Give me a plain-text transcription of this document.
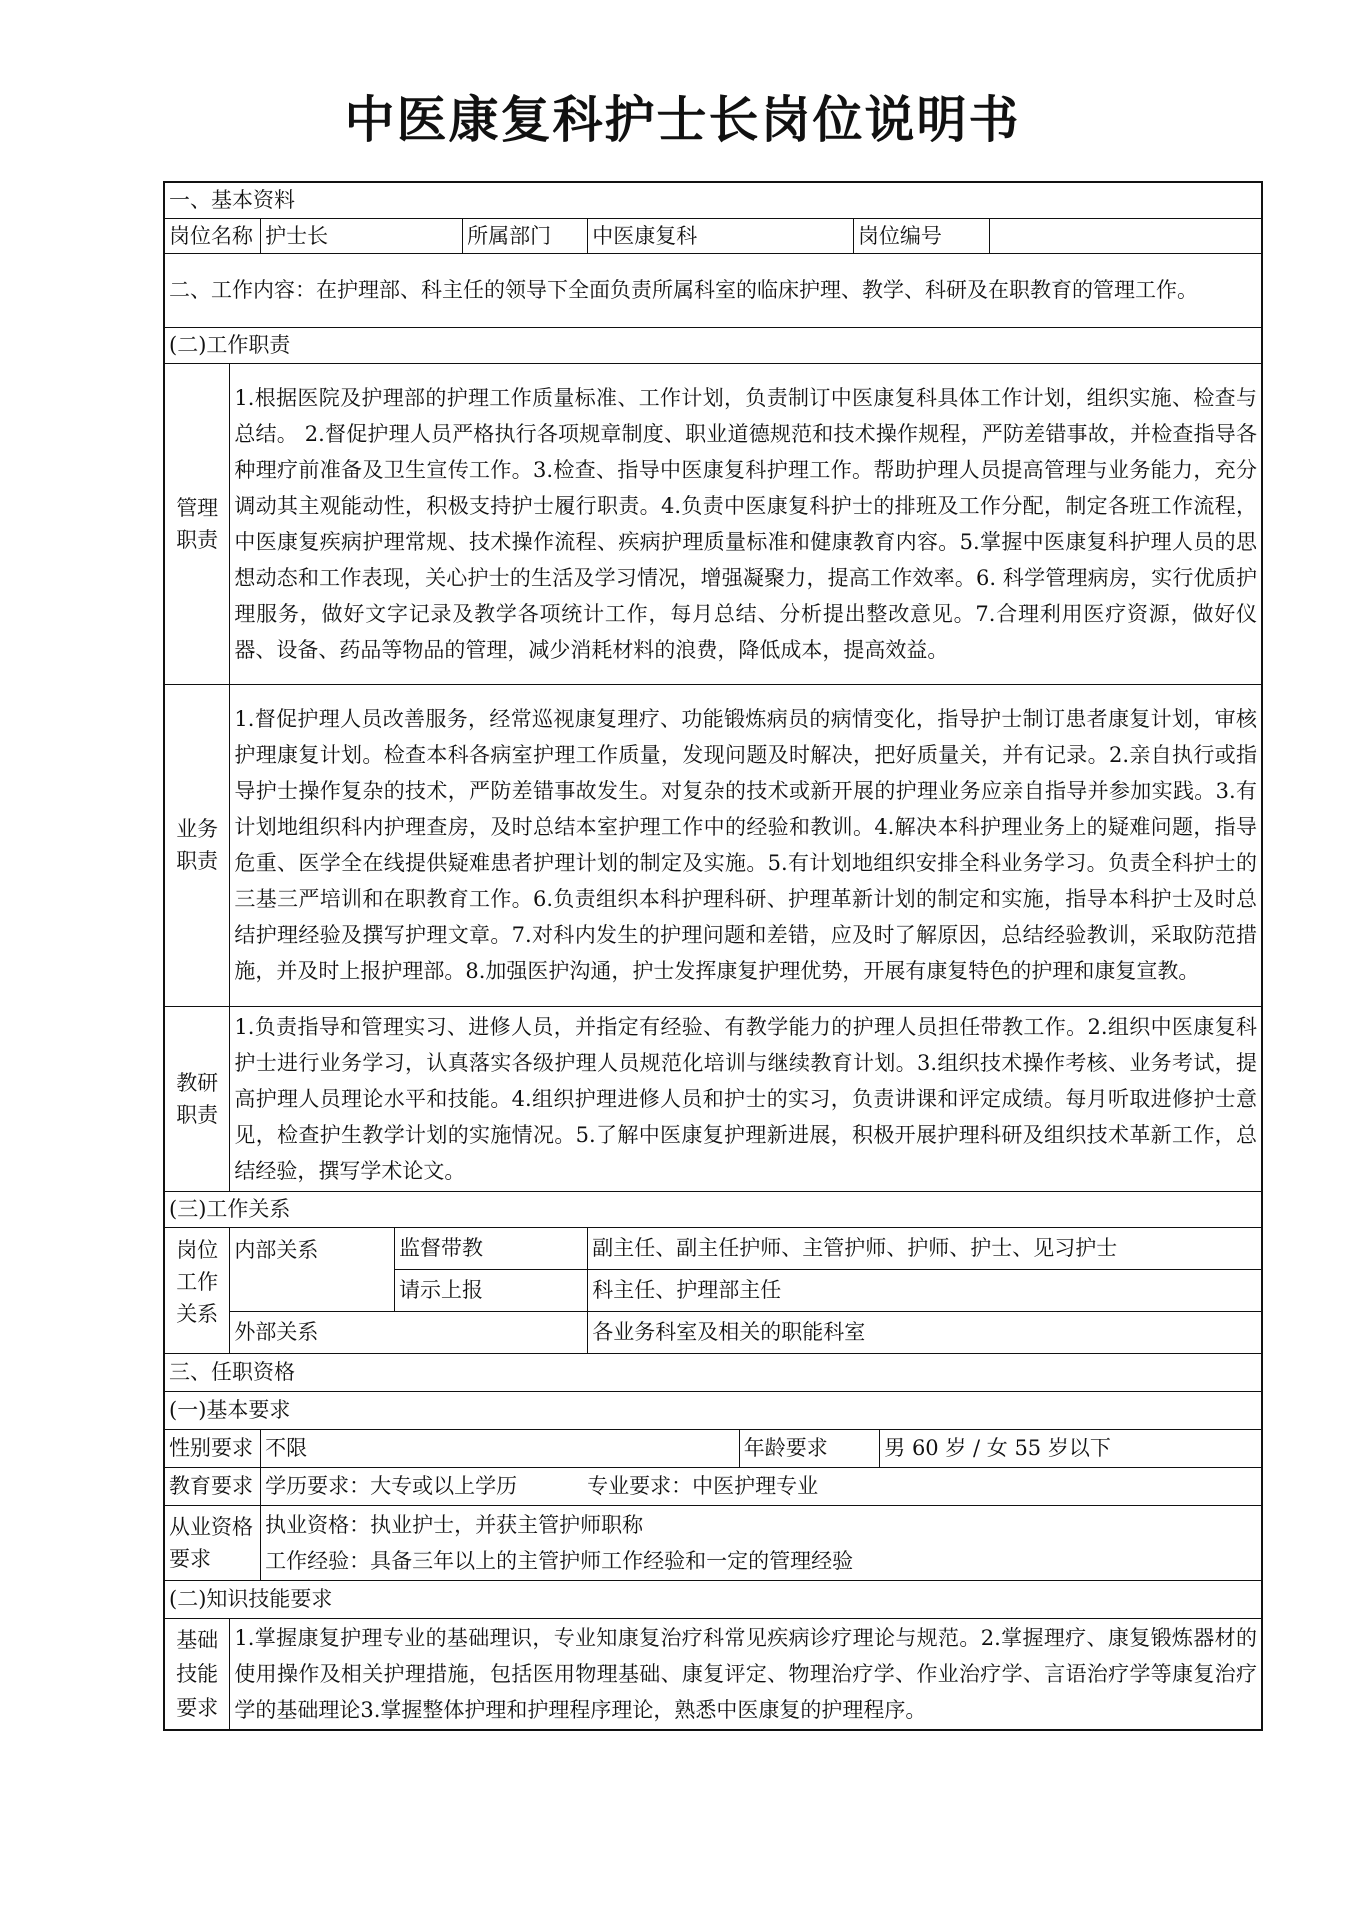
中医康复科护士长岗位说明书
一、基本资料									
岗位名称		护士长		所属部门	中医康复科		岗位编号		
二、工作内容：在护理部、科主任的领导下全面负责所属科室的临床护理、教学、科研及在职教育的管理工作。									
(二)工作职责									
管理职责	1.根据医院及护理部的护理工作质量标准、工作计划，负责制订中医康复科具体工作计划，组织实施、检查与总结。 2.督促护理人员严格执行各项规章制度、职业道德规范和技术操作规程，严防差错事故，并检查指导各种理疗前准备及卫生宣传工作。3.检查、指导中医康复科护理工作。帮助护理人员提高管理与业务能力，充分调动其主观能动性，积极支持护士履行职责。4.负责中医康复科护士的排班及工作分配，制定各班工作流程，中医康复疾病护理常规、技术操作流程、疾病护理质量标准和健康教育内容。5.掌握中医康复科护理人员的思想动态和工作表现，关心护士的生活及学习情况，增强凝聚力，提高工作效率。6. 科学管理病房，实行优质护理服务，做好文字记录及教学各项统计工作，每月总结、分析提出整改意见。7.合理利用医疗资源，做好仪器、设备、药品等物品的管理，减少消耗材料的浪费，降低成本，提高效益。								
业务职责	1.督促护理人员改善服务，经常巡视康复理疗、功能锻炼病员的病情变化，指导护士制订患者康复计划，审核护理康复计划。检查本科各病室护理工作质量，发现问题及时解决，把好质量关，并有记录。2.亲自执行或指导护士操作复杂的技术，严防差错事故发生。对复杂的技术或新开展的护理业务应亲自指导并参加实践。3.有计划地组织科内护理查房，及时总结本室护理工作中的经验和教训。4.解决本科护理业务上的疑难问题，指导危重、医学全在线提供疑难患者护理计划的制定及实施。5.有计划地组织安排全科业务学习。负责全科护士的三基三严培训和在职教育工作。6.负责组织本科护理科研、护理革新计划的制定和实施，指导本科护士及时总结护理经验及撰写护理文章。7.对科内发生的护理问题和差错，应及时了解原因，总结经验教训，采取防范措施，并及时上报护理部。8.加强医护沟通，护士发挥康复护理优势，开展有康复特色的护理和康复宣教。								
教研职责	1.负责指导和管理实习、进修人员，并指定有经验、有教学能力的护理人员担任带教工作。2.组织中医康复科护士进行业务学习，认真落实各级护理人员规范化培训与继续教育计划。3.组织技术操作考核、业务考试，提高护理人员理论水平和技能。4.组织护理进修人员和护士的实习，负责讲课和评定成绩。每月听取进修护士意见，检查护生教学计划的实施情况。5.了解中医康复护理新进展，积极开展护理科研及组织技术革新工作，总结经验，撰写学术论文。								
(三)工作关系									
岗位工作关系	内部关系		监督带教		副主任、副主任护师、主管护师、护师、护士、见习护士				
			请示上报		科主任、护理部主任				
	外部关系				各业务科室及相关的职能科室				
三、任职资格									
(一)基本要求									
性别要求		不限				年龄要求		男 60 岁 / 女 55 岁以下	
教育要求		学历要求：大专或以上学历 专业要求：中医护理专业							
从业资格要求		执业资格：执业护士，并获主管护师职称
工作经验：具备三年以上的主管护师工作经验和一定的管理经验							

(二)知识技能要求									
基础技能要求	1.掌握康复护理专业的基础理识，专业知康复治疗科常见疾病诊疗理论与规范。2.掌握理疗、康复锻炼器材的使用操作及相关护理措施，包括医用物理基础、康复评定、物理治疗学、作业治疗学、言语治疗学等康复治疗学的基础理论3.掌握整体护理和护理程序理论，熟悉中医康复的护理程序。								
